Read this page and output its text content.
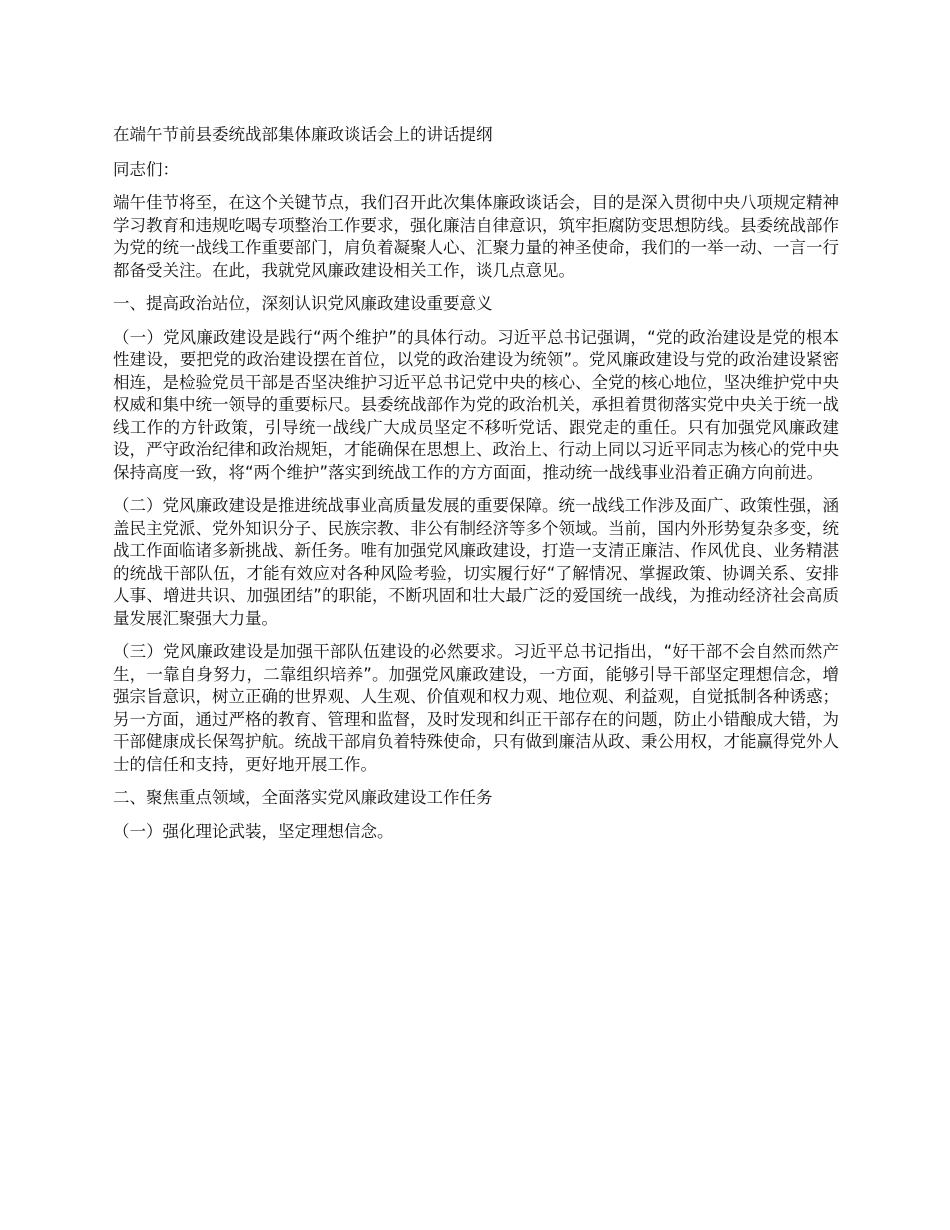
在端午节前县委统战部集体廉政谈话会上的讲话提纲

同志们：

端午佳节将至，在这个关键节点，我们召开此次集体廉政谈话会，目的是深入贯彻中央八项规定精神学习教育和违规吃喝专项整治工作要求，强化廉洁自律意识，筑牢拒腐防变思想防线。县委统战部作为党的统一战线工作重要部门，肩负着凝聚人心、汇聚力量的神圣使命，我们的一举一动、一言一行都备受关注。在此，我就党风廉政建设相关工作，谈几点意见。

一、提高政治站位，深刻认识党风廉政建设重要意义

（一）党风廉政建设是践行“两个维护”的具体行动。习近平总书记强调，“党的政治建设是党的根本性建设，要把党的政治建设摆在首位，以党的政治建设为统领”。党风廉政建设与党的政治建设紧密相连，是检验党员干部是否坚决维护习近平总书记党中央的核心、全党的核心地位，坚决维护党中央权威和集中统一领导的重要标尺。县委统战部作为党的政治机关，承担着贯彻落实党中央关于统一战线工作的方针政策，引导统一战线广大成员坚定不移听党话、跟党走的重任。只有加强党风廉政建设，严守政治纪律和政治规矩，才能确保在思想上、政治上、行动上同以习近平同志为核心的党中央保持高度一致，将“两个维护”落实到统战工作的方方面面，推动统一战线事业沿着正确方向前进。

（二）党风廉政建设是推进统战事业高质量发展的重要保障。统一战线工作涉及面广、政策性强，涵盖民主党派、党外知识分子、民族宗教、非公有制经济等多个领域。当前，国内外形势复杂多变，统战工作面临诸多新挑战、新任务。唯有加强党风廉政建设，打造一支清正廉洁、作风优良、业务精湛的统战干部队伍，才能有效应对各种风险考验，切实履行好“了解情况、掌握政策、协调关系、安排人事、增进共识、加强团结”的职能，不断巩固和壮大最广泛的爱国统一战线，为推动经济社会高质量发展汇聚强大力量。

（三）党风廉政建设是加强干部队伍建设的必然要求。习近平总书记指出，“好干部不会自然而然产生，一靠自身努力，二靠组织培养”。加强党风廉政建设，一方面，能够引导干部坚定理想信念，增强宗旨意识，树立正确的世界观、人生观、价值观和权力观、地位观、利益观，自觉抵制各种诱惑；另一方面，通过严格的教育、管理和监督，及时发现和纠正干部存在的问题，防止小错酿成大错，为干部健康成长保驾护航。统战干部肩负着特殊使命，只有做到廉洁从政、秉公用权，才能赢得党外人士的信任和支持，更好地开展工作。

二、聚焦重点领域，全面落实党风廉政建设工作任务

（一）强化理论武装，坚定理想信念。
